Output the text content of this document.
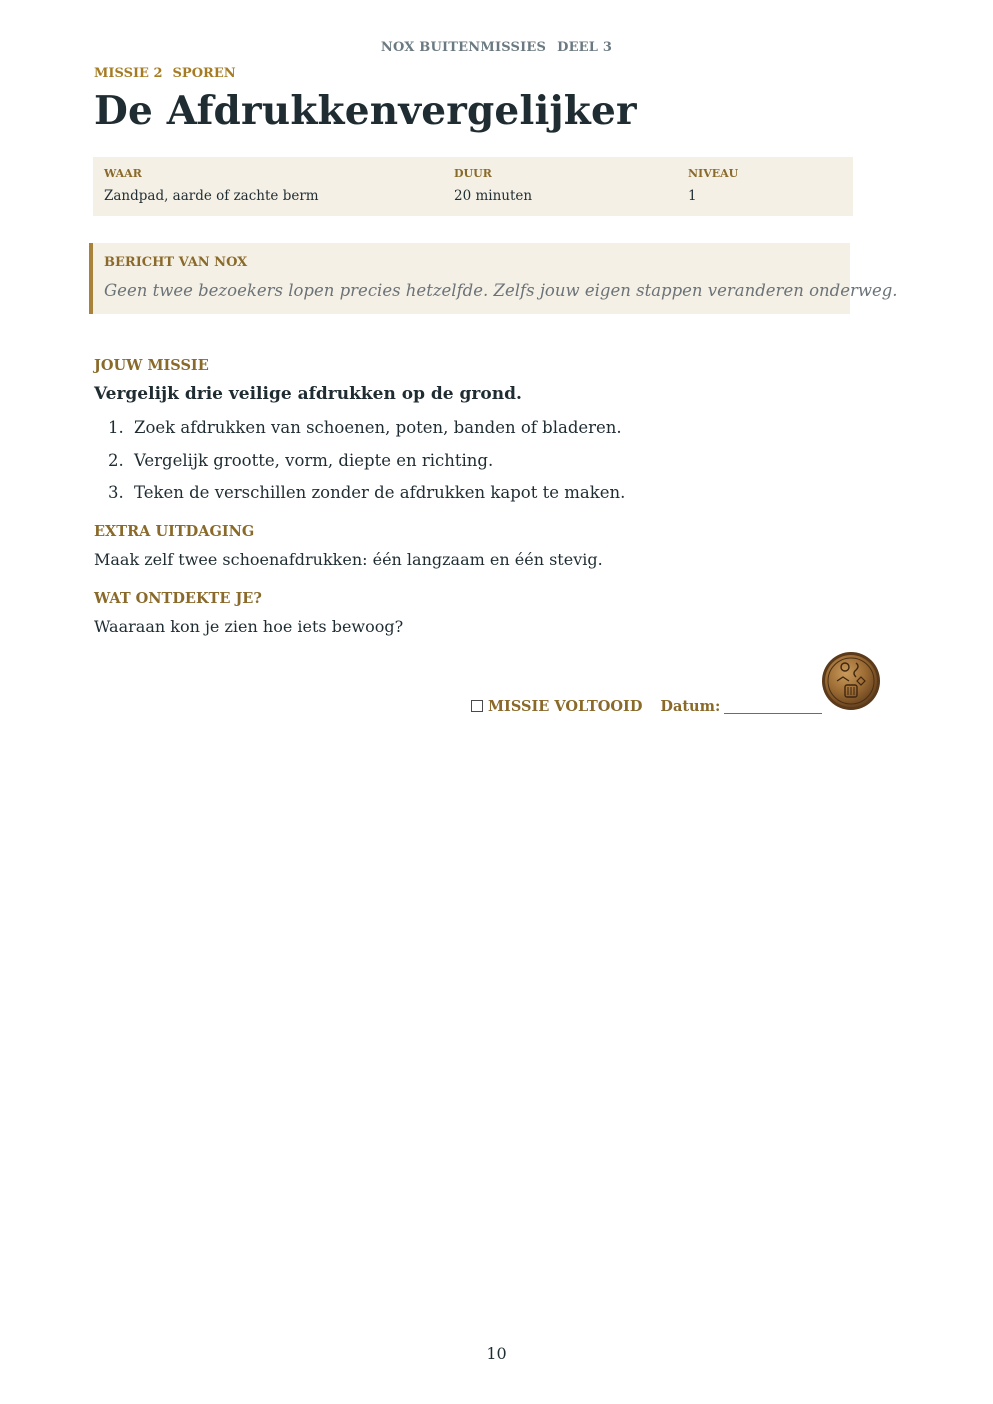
NOX BUITENMISSIES DEEL 3
MISSIE 2 SPOREN
De Afdrukkenvergelijker
WAAR
Zandpad, aarde of zachte berm
DUUR
20 minuten
NIVEAU
1
BERICHT VAN NOX
Geen twee bezoekers lopen precies hetzelfde. Zelfs jouw eigen stappen veranderen onderweg.
JOUW MISSIE
Vergelijk drie veilige afdrukken op de grond.
1. Zoek afdrukken van schoenen, poten, banden of bladeren.
2. Vergelijk grootte, vorm, diepte en richting.
3. Teken de verschillen zonder de afdrukken kapot te maken.
EXTRA UITDAGING
Maak zelf twee schoenafdrukken: één langzaam en één stevig.
WAT ONTDEKTE JE?
Waaraan kon je zien hoe iets bewoog?
MISSIE VOLTOOID Datum:
10
